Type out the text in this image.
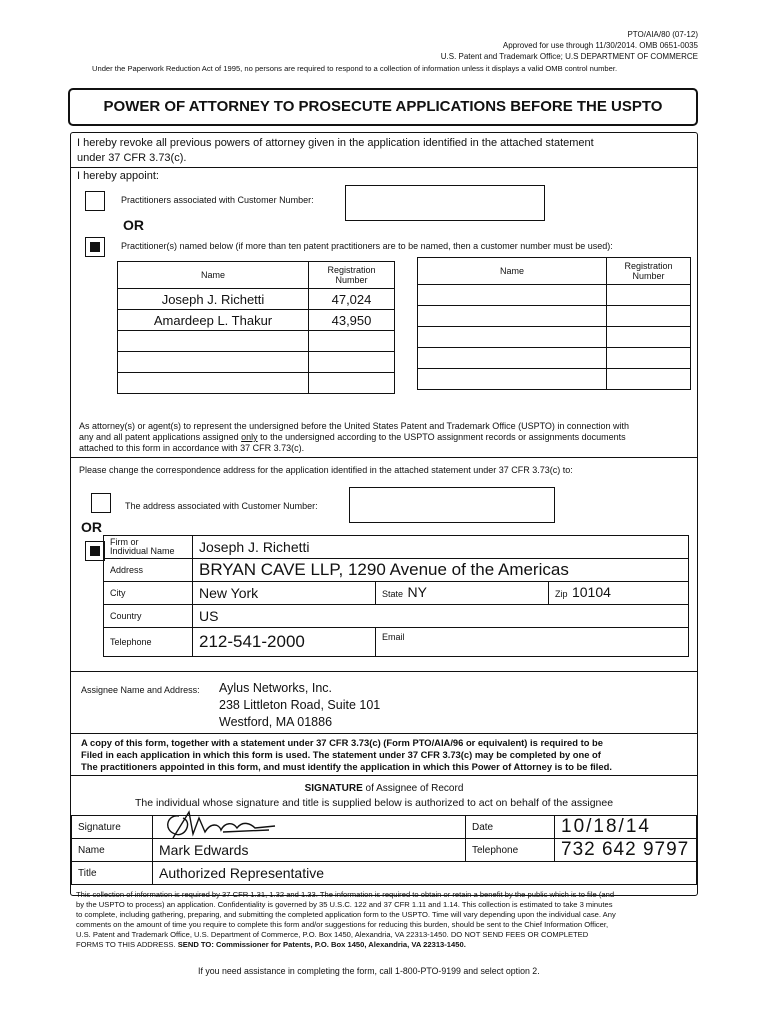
PTO/AIA/80 (07-12)
Approved for use through 11/30/2014. OMB 0651-0035
U.S. Patent and Trademark Office; U.S DEPARTMENT OF COMMERCE
Under the Paperwork Reduction Act of 1995, no persons are required to respond to a collection of information unless it displays a valid OMB control number.
POWER OF ATTORNEY TO PROSECUTE APPLICATIONS BEFORE THE USPTO
I hereby revoke all previous powers of attorney given in the application identified in the attached statement
under 37 CFR 3.73(c).
I hereby appoint:
Practitioners associated with Customer Number:
OR
Practitioner(s) named below (if more than ten patent practitioners are to be named, then a customer number must be used):
Name	Registration
Number
Joseph J. Richetti	47,024
Amardeep L. Thakur	43,950

Name	Registration
Number

As attorney(s) or agent(s) to represent the undersigned before the United States Patent and Trademark Office (USPTO) in connection with
any and all patent applications assigned only to the undersigned according to the USPTO assignment records or assignments documents
attached to this form in accordance with 37 CFR 3.73(c).
Please change the correspondence address for the application identified in the attached statement under 37 CFR 3.73(c) to:
The address associated with Customer Number:
OR
Firm or
Individual Name	Joseph J. Richetti		
Address	BRYAN CAVE LLP, 1290 Avenue of the Americas		
City	New York	State NY	Zip 10104
Country	US		
Telephone	212-541-2000	Email	
Assignee Name and Address: Aylus Networks, Inc.
238 Littleton Road, Suite 101
Westford, MA 01886
A copy of this form, together with a statement under 37 CFR 3.73(c) (Form PTO/AIA/96 or equivalent) is required to be
Filed in each application in which this form is used. The statement under 37 CFR 3.73(c) may be completed by one of
The practitioners appointed in this form, and must identify the application in which this Power of Attorney is to be filed.
SIGNATURE of Assignee of Record
The individual whose signature and title is supplied below is authorized to act on behalf of the assignee
Signature		Date	10/18/14
Name	Mark Edwards	Telephone	732 642 9797
Title	Authorized Representative		
This collection of information is required by 37 CFR 1.31, 1.32 and 1.33. The information is required to obtain or retain a benefit by the public which is to file (and
by the USPTO to process) an application. Confidentiality is governed by 35 U.S.C. 122 and 37 CFR 1.11 and 1.14. This collection is estimated to take 3 minutes
to complete, including gathering, preparing, and submitting the completed application form to the USPTO. Time will vary depending upon the individual case. Any
comments on the amount of time you require to complete this form and/or suggestions for reducing this burden, should be sent to the Chief Information Officer,
U.S. Patent and Trademark Office, U.S. Department of Commerce, P.O. Box 1450, Alexandria, VA 22313-1450. DO NOT SEND FEES OR COMPLETED
FORMS TO THIS ADDRESS. SEND TO: Commissioner for Patents, P.O. Box 1450, Alexandria, VA 22313-1450.
If you need assistance in completing the form, call 1-800-PTO-9199 and select option 2.
